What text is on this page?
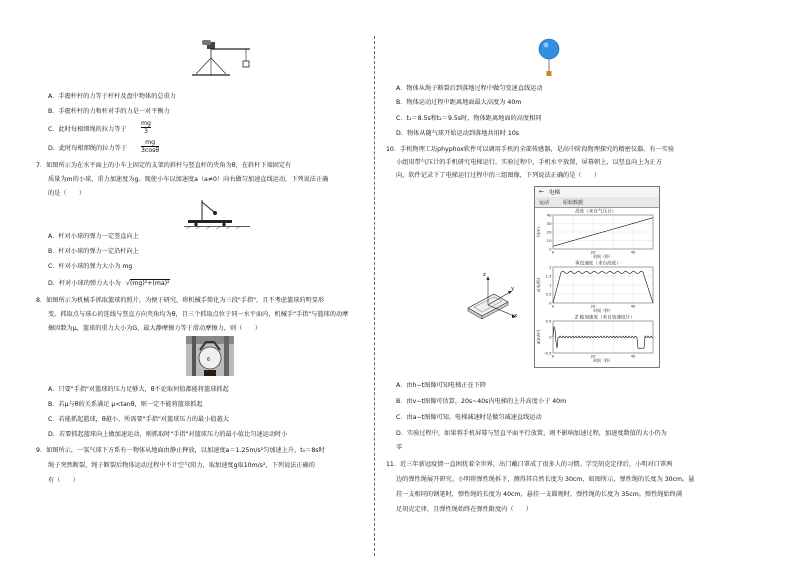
A．手握杆杆的力等于杆杆及盘中物体的总重力
B．手握杆杆的力和杆对手的力是一对平衡力
C．此时每根细绳的拉力等于 $\frac{mg}{3}$
D．此时每根细绳的拉力等于 $\frac{mg}{3\cos\theta}$
7．如图所示为在水平面上的小车上固定的支架的斜杆与竖直杆的夹角为θ，在斜杆下端固定有
质量为m的小球，重力加速度为g。现使小车以加速度a（a≠0）向右做匀加速直线运动，下列说法正确
的是（　　）
A．杆对小球的弹力一定竖直向上
B．杆对小球的弹力一定沿杆向上
C．杆对小球的弹力大小为 mg
D．杆对小球的弹力大小为 √(mg)²+(ma)²
8．如图所示为机械手抓取篮球的照片，为便于研究，将机械手简化为三段"手指"，且不考虑篮球的明显形
变。抓取点与球心的连线与竖直方向夹角均为θ，且三个抓取点位于同一水平面内，机械手"手指"与篮球的动摩
擦因数为μ，篮球的重力大小为G，最大静摩擦力等于滑动摩擦力，则（　　）
6
A．只要"手指"对篮球的压力足够大，θ不论取何值都能将篮球抓起
B．若μ与θ的关系满足 μ<tanθ，则一定不能将篮球抓起
C．若能抓起篮球，θ越小，所需要"手指"对篮球压力的最小值越大
D．若要抓起篮球向上做加速运动，则抓取时"手指"对篮球压力的最小值比匀速运动时小
9．如图所示，一氢气球下方系有一物体从地面由静止释放，以加速度a＝1.25m/s²匀加速上升，t₀＝8s时
绳子突然断裂，绳子断裂后物体运动过程中不计空气阻力，取加速度g取10m/s²，下列说法正确的
有（　　）
A．物体从绳子断裂后到落地过程中做匀变速直线运动
B．物体运动过程中距离地面最大高度为 40m
C．t₁＝8.5s和t₂＝9.5s时，物体距离地面的高度相同
D．物体从随气球开始运动到落地共用时 10s
10．手机物理工坊phyphox软件可以调用手机的全部传感器，是高中阶段物理探究的精密仪器。有一实验
小组用带气压计的手机研究电梯运行，实验过程中，手机水平放置，屏幕朝上，以竖直向上为正方
向，软件记录下了电梯运行过程中的三组图像，下列说法正确的是（　　）
z
y
x
← 电梯
运动	原始数据
高度（来自气压计）
40
30
20
10
0
0	20	40
时间（秒）
h(m)
垂直速度（来自高度）
2
1.5
1
0.5
0
0	20	40
时间（秒）
v(米/秒)
Z 轴加速度（来自加速度计）
0.5
0
-0.5
0	20	40
时间（秒）
a(m/s²)
A．由h−t图像可知电梯正在下降
B．由v−t图像可估算，20s~40s内电梯的上升高度小于 40m
C．由a−t图像可知，电梯减速时是做匀减速直线运动
D．实验过程中，如果将手机屏幕与竖直平面平行放置，则不影响加速过程，加速度数值的大小仍为
零
11．近三年新冠疫情一直困扰着全世界，出门戴口罩成了很多人的习惯。学完胡克定律后，小明对口罩两
边的弹性绳展开研究。小明将弹性绳拆下，测得其自然长度为 30cm，如图所示，弹性绳的长度为 30cm。悬
挂一支相同的钢笔时，弹性绳的长度为 40cm，悬挂一支圆规时，弹性绳的长度为 35cm。弹性绳始终满
足胡克定律，且弹性绳始终在弹性限度内（　　）
